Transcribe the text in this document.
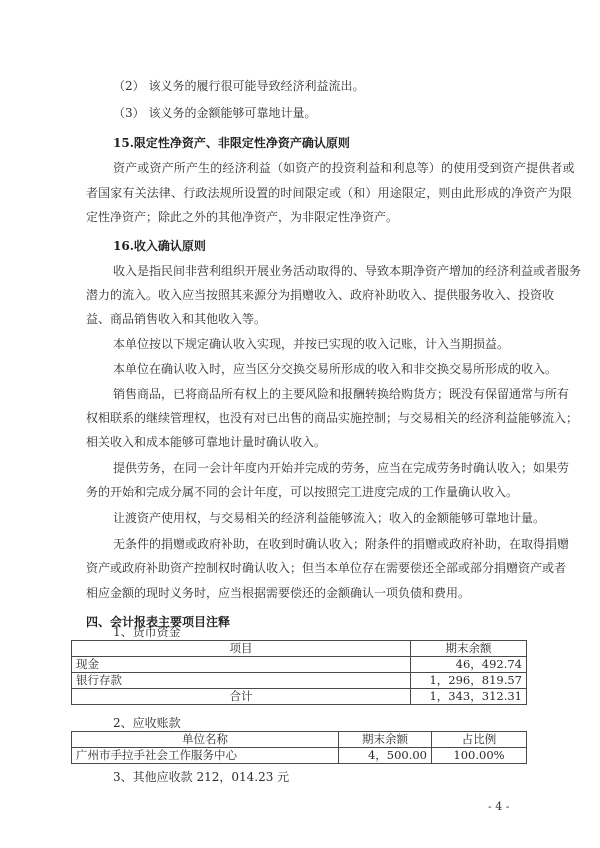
（2） 该义务的履行很可能导致经济利益流出。
（3） 该义务的金额能够可靠地计量。
15.限定性净资产、非限定性净资产确认原则
资产或资产所产生的经济利益（如资产的投资利益和利息等）的使用受到资产提供者或
者国家有关法律、行政法规所设置的时间限定或（和）用途限定，则由此形成的净资产为限
定性净资产；除此之外的其他净资产，为非限定性净资产。
16.收入确认原则
收入是指民间非营利组织开展业务活动取得的、导致本期净资产增加的经济利益或者服务
潜力的流入。收入应当按照其来源分为捐赠收入、政府补助收入、提供服务收入、投资收
益、商品销售收入和其他收入等。
本单位按以下规定确认收入实现，并按已实现的收入记账，计入当期损益。
本单位在确认收入时，应当区分交换交易所形成的收入和非交换交易所形成的收入。
销售商品，已将商品所有权上的主要风险和报酬转换给购货方；既没有保留通常与所有
权相联系的继续管理权，也没有对已出售的商品实施控制；与交易相关的经济利益能够流入；
相关收入和成本能够可靠地计量时确认收入。
提供劳务，在同一会计年度内开始并完成的劳务，应当在完成劳务时确认收入；如果劳
务的开始和完成分属不同的会计年度，可以按照完工进度完成的工作量确认收入。
让渡资产使用权，与交易相关的经济利益能够流入；收入的金额能够可靠地计量。
无条件的捐赠或政府补助，在收到时确认收入；附条件的捐赠或政府补助，在取得捐赠
资产或政府补助资产控制权时确认收入；但当本单位存在需要偿还全部或部分捐赠资产或者
相应金额的现时义务时，应当根据需要偿还的金额确认一项负债和费用。
四、会计报表主要项目注释
1、货币资金
项目	期末余额
现金	46，492.74
银行存款	1，296，819.57
合计	1，343，312.31
2、应收账款
单位名称	期末余额	占比例
广州市手拉手社会工作服务中心	4，500.00	100.00%
3、其他应收款 212，014.23 元
- 4 -
